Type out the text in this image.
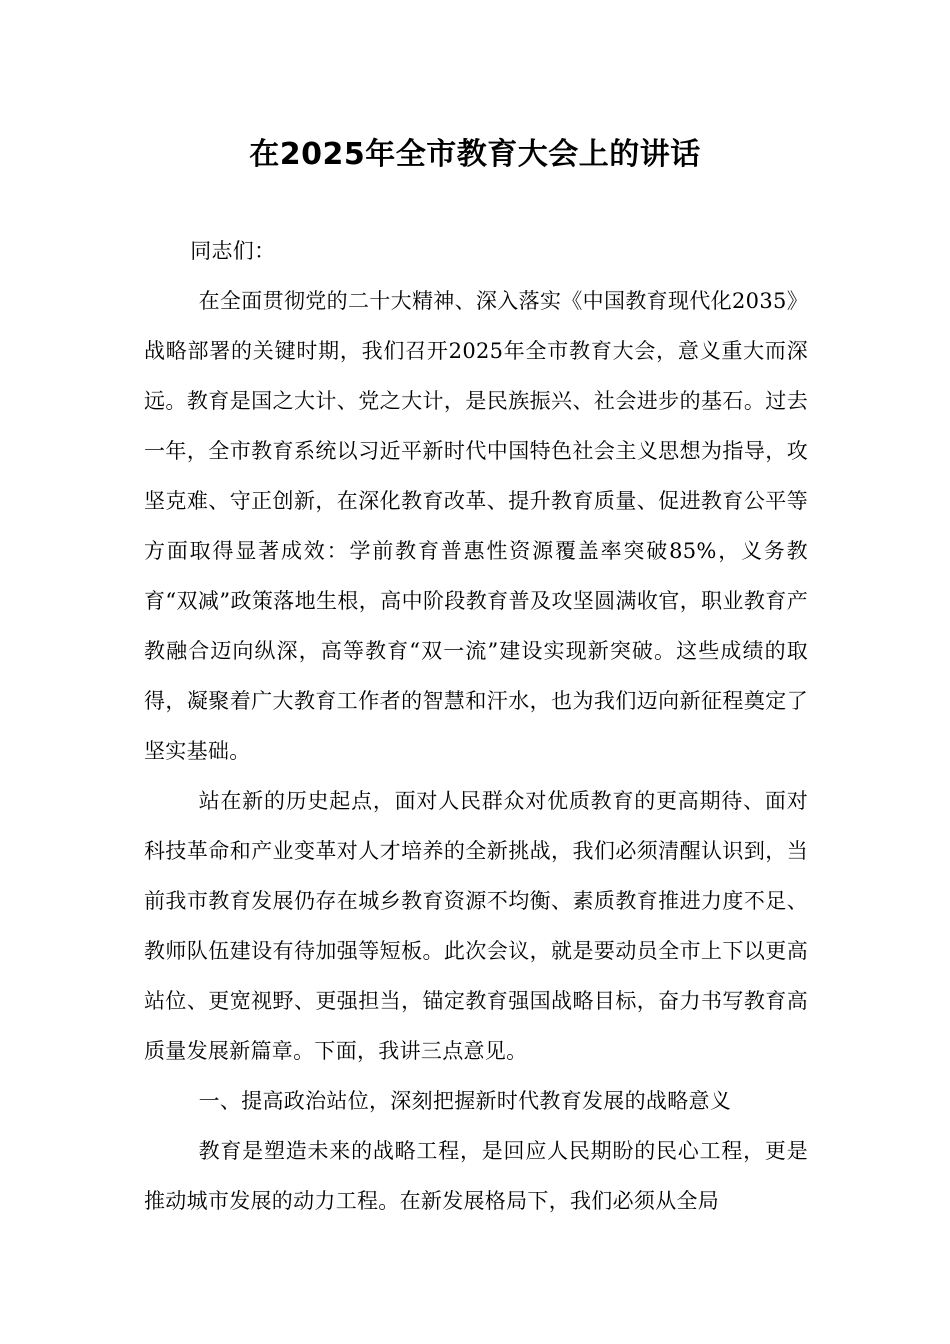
在2025年全市教育大会上的讲话

同志们：

在全面贯彻党的二十大精神、深入落实《中国教育现代化2035》战略部署的关键时期，我们召开2025年全市教育大会，意义重大而深远。教育是国之大计、党之大计，是民族振兴、社会进步的基石。过去一年，全市教育系统以习近平新时代中国特色社会主义思想为指导，攻坚克难、守正创新，在深化教育改革、提升教育质量、促进教育公平等方面取得显著成效：学前教育普惠性资源覆盖率突破85%，义务教育“双减”政策落地生根，高中阶段教育普及攻坚圆满收官，职业教育产教融合迈向纵深，高等教育“双一流”建设实现新突破。这些成绩的取得，凝聚着广大教育工作者的智慧和汗水，也为我们迈向新征程奠定了坚实基础。

站在新的历史起点，面对人民群众对优质教育的更高期待、面对科技革命和产业变革对人才培养的全新挑战，我们必须清醒认识到，当前我市教育发展仍存在城乡教育资源不均衡、素质教育推进力度不足、教师队伍建设有待加强等短板。此次会议，就是要动员全市上下以更高站位、更宽视野、更强担当，锚定教育强国战略目标，奋力书写教育高质量发展新篇章。下面，我讲三点意见。

一、提高政治站位，深刻把握新时代教育发展的战略意义

教育是塑造未来的战略工程，是回应人民期盼的民心工程，更是推动城市发展的动力工程。在新发展格局下，我们必须从全局
